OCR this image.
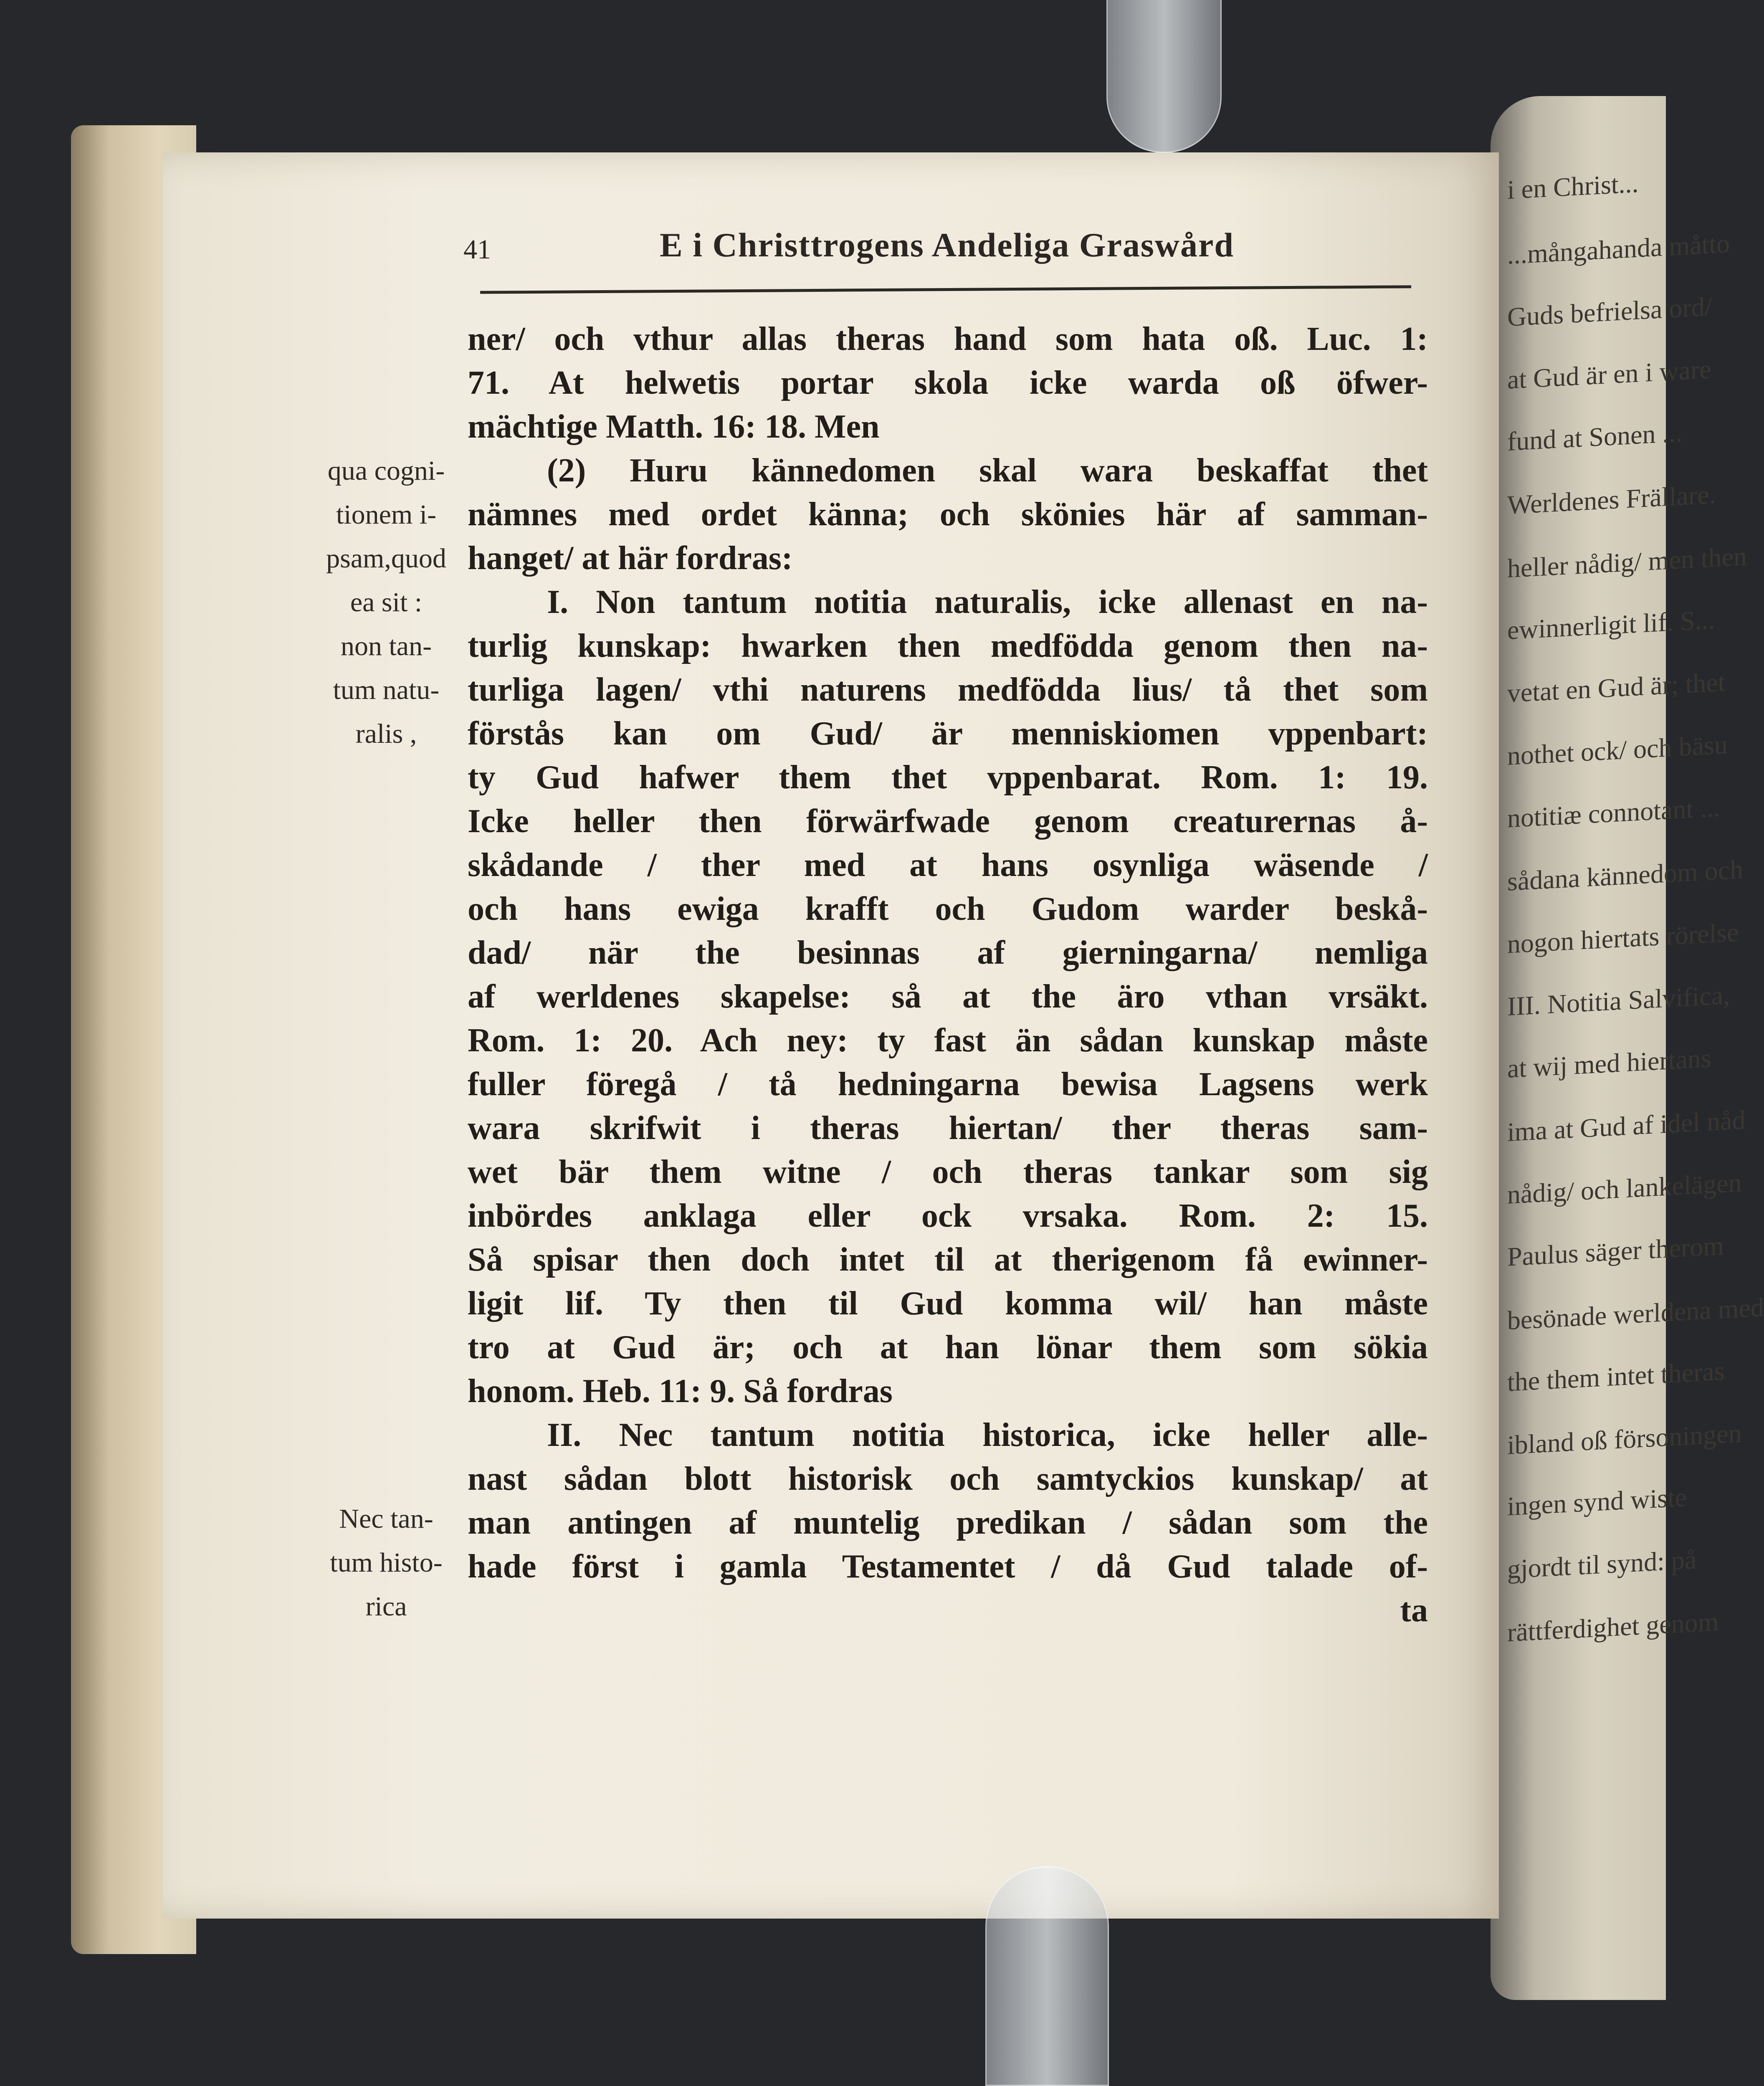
i en Christ...
...mångahanda måtto
Guds befrielsa ord/
at Gud är en i ware
fund at Sonen ...
Werldenes Frällare.
heller nådig/ men then
ewinnerligit lif. S...
vetat en Gud är; thet
nothet ock/ och bäsu
notitiæ connotant ...
sådana kännedom och
nogon hiertats rörelse
III. Notitia Salvifica,
at wij med hiertans
ima at Gud af idel nåd
nådig/ och lankelägen
Paulus säger therom
besönade werldena med
the them intet theras
ibland oß försoningen
ingen synd wiste
gjordt til synd: på
rättferdighet genom
41	E i Christtrogens Andeliga Graswård
qua cogni-
tionem i-
psam,quod
ea sit :
non tan-
tum natu-
ralis ,
Nec tan-
tum histo-
rica
ner/ och vthur allas theras hand som hata oß. Luc. 1:
71. At helwetis portar skola icke warda oß öfwer-
mächtige Matth. 16: 18. Men
(2) Huru kännedomen skal wara beskaffat thet
nämnes med ordet känna; och skönies här af samman-
hanget/ at här fordras:
I. Non tantum notitia naturalis, icke allenast en na-
turlig kunskap: hwarken then medfödda genom then na-
turliga lagen/ vthi naturens medfödda lius/ tå thet som
förstås kan om Gud/ är menniskiomen vppenbart:
ty Gud hafwer them thet vppenbarat. Rom. 1: 19.
Icke heller then förwärfwade genom creaturernas å-
skådande / ther med at hans osynliga wäsende /
och hans ewiga krafft och Gudom warder beskå-
dad/ när the besinnas af gierningarna/ nemliga
af werldenes skapelse: så at the äro vthan vrsäkt.
Rom. 1: 20. Ach ney: ty fast än sådan kunskap måste
fuller föregå / tå hedningarna bewisa Lagsens werk
wara skrifwit i theras hiertan/ ther theras sam-
wet bär them witne / och theras tankar som sig
inbördes anklaga eller ock vrsaka. Rom. 2: 15.
Så spisar then doch intet til at therigenom få ewinner-
ligit lif. Ty then til Gud komma wil/ han måste
tro at Gud är; och at han lönar them som sökia
honom. Heb. 11: 9. Så fordras
II. Nec tantum notitia historica, icke heller alle-
nast sådan blott historisk och samtyckios kunskap/ at
man antingen af muntelig predikan / sådan som the
hade först i gamla Testamentet / då Gud talade of-
ta
